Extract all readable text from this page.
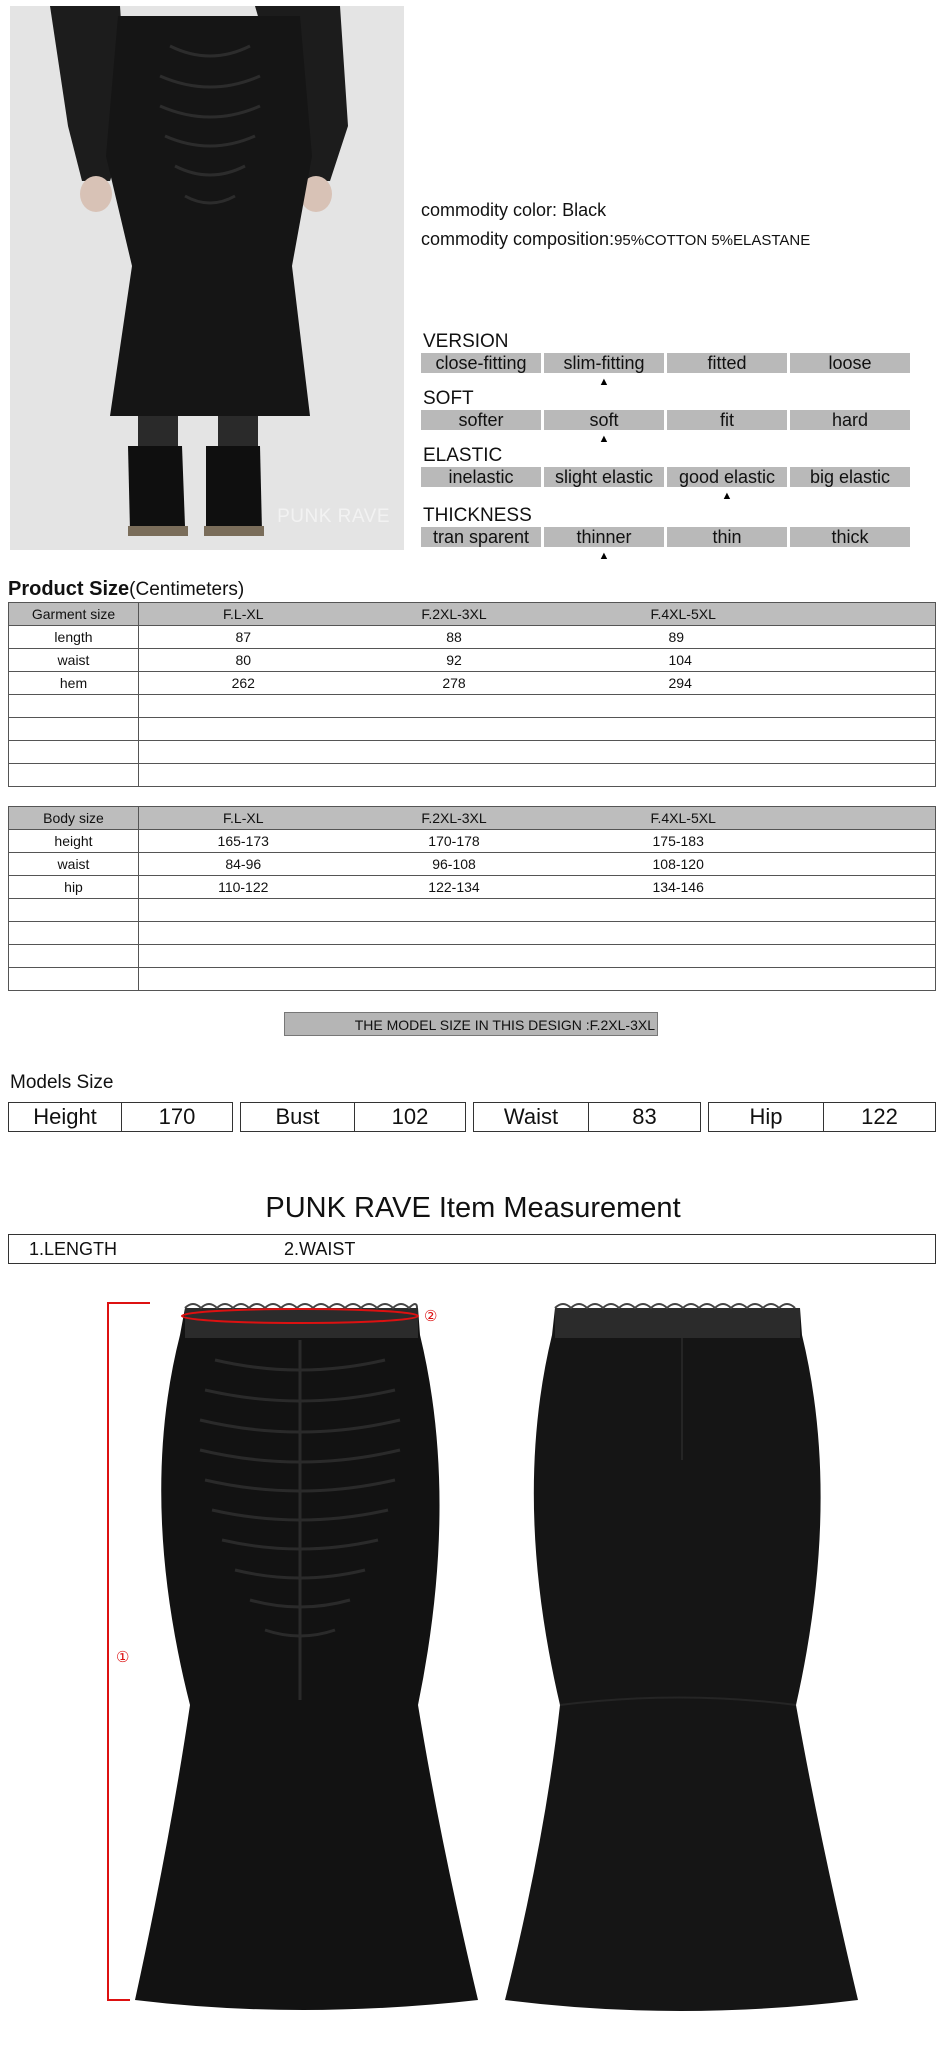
PUNK RAVE
commodity color: Black
commodity composition:95%COTTON 5%ELASTANE
VERSION
close-fitting	slim-fitting
▲
fitted	loose
SOFT
softer	soft
▲
fit	hard
ELASTIC
inelastic	slight elastic	good elastic
▲
big elastic
THICKNESS
tran sparent	thinner
▲
thin	thick
Product Size(Centimeters)
Garment size	F.L-XL	F.2XL-3XL	F.4XL-5XL
length	87	88	89
waist	80	92	104
hem	262	278	294

Body size	F.L-XL	F.2XL-3XL	F.4XL-5XL
height	165-173	170-178	175-183
waist	84-96	96-108	108-120
hip	110-122	122-134	134-146

THE MODEL SIZE IN THIS DESIGN :F.2XL-3XL
Models Size
Height	170	Bust	102	Waist	83	Hip	122
PUNK RAVE Item Measurement
1.LENGTH	2.WAIST
①
②
